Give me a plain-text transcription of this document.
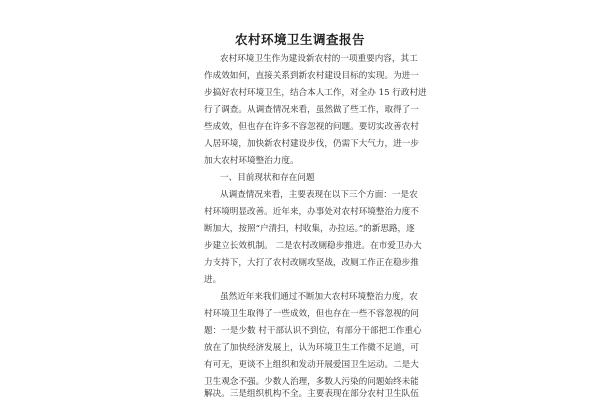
农村环境卫生调查报告
农村环境卫生作为建设新农村的一项重要内容，其工
作成效如何，直接关系到新农村建设目标的实现。为进一
步搞好农村环境卫生，结合本人工作，对全办 15 行政村进
行了调查。从调查情况来看，虽然做了些工作，取得了一
些成效，但也存在许多不容忽视的问题。要切实改善农村
人居环境，加快新农村建设步伐，仍需下大气力，进一步
加大农村环境整治力度。
一、目前现状和存在问题
从调查情况来看，主要表现在以下三个方面：一是农
村环境明显改善。近年来，办事处对农村环境整治力度不
断加大，按照“户清扫，村收集，办拉运。”的新思路，逐
步建立长效机制。 二是农村改厕稳步推进。在市爱卫办大
力支持下，大打了农村改厕攻坚战，改厕工作正在稳步推
进。
虽然近年来我们通过不断加大农村环境整治力度，农
村环境卫生取得了一些成效，但也存在一些不容忽视的问
题：一是少数 村干部认识不到位，有部分干部把工作重心
放在了加快经济发展上，认为环境卫生工作微不足道，可
有可无，更谈不上组织和发动开展爱国卫生运动。二是大
卫生观念不强。少数人治理，多数人污染的问题始终未能
解决。三是组织机构不全。主要表现在部分农村卫生队伍
